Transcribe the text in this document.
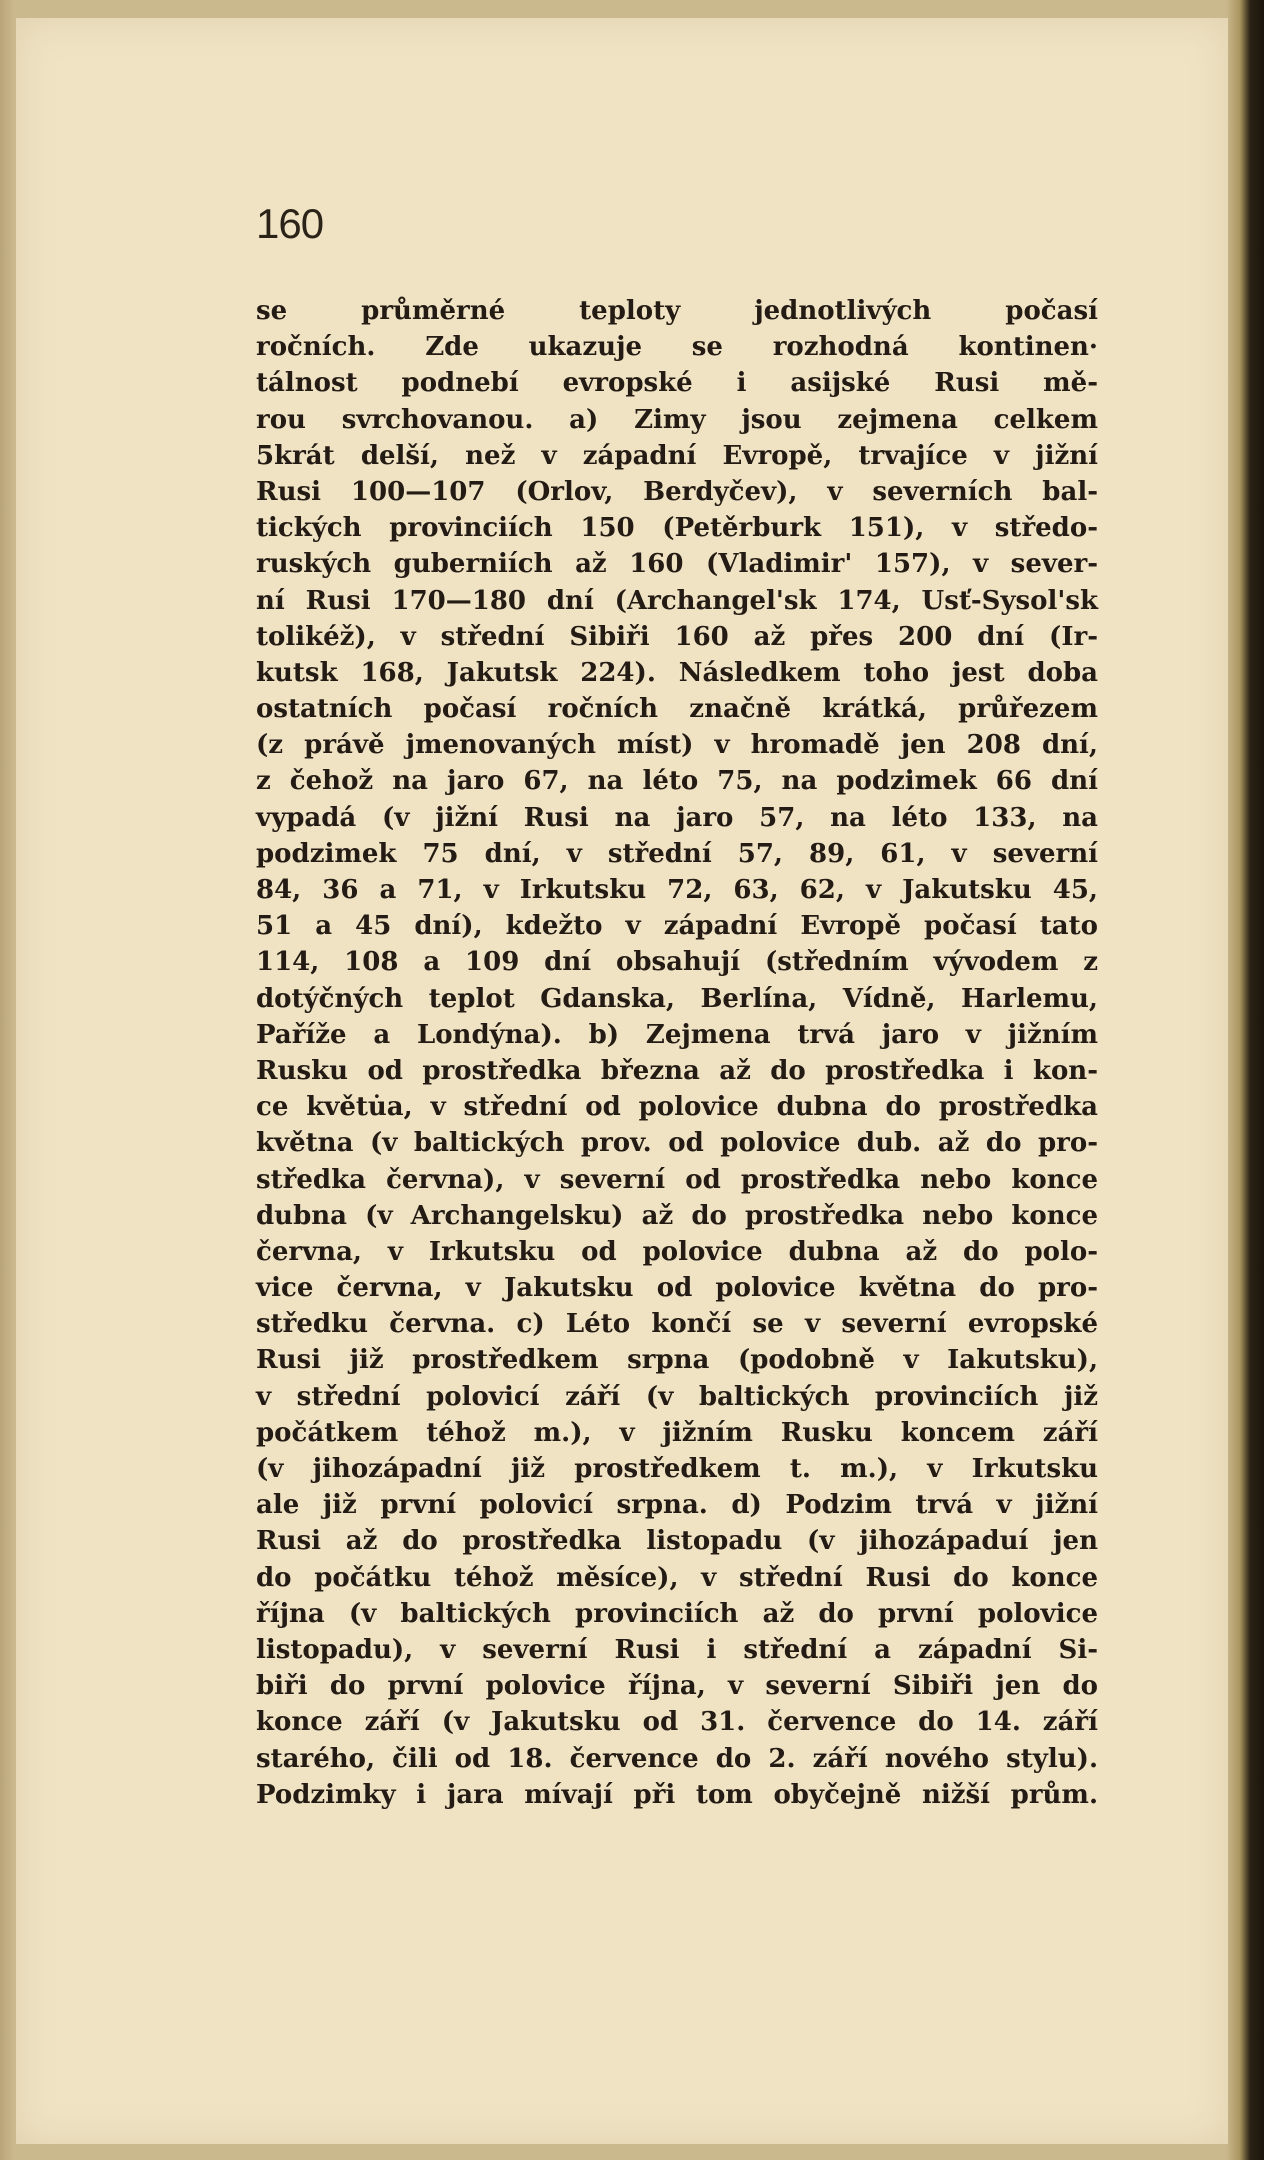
160
se průměrné teploty jednotlivých počasí
ročních. Zde ukazuje se rozhodná kontinen·
tálnost podnebí evropské i asijské Rusi mě-
rou svrchovanou. a) Zimy jsou zejmena celkem
5krát delší, než v západní Evropě, trvajíce v jižní
Rusi 100—107 (Orlov, Berdyčev), v severních bal-
tických provinciích 150 (Petěrburk 151), v středo-
ruských guberniích až 160 (Vladimir' 157), v sever-
ní Rusi 170—180 dní (Archangel'sk 174, Usť-Sysol'sk
tolikéž), v střední Sibiři 160 až přes 200 dní (Ir-
kutsk 168, Jakutsk 224). Následkem toho jest doba
ostatních počasí ročních značně krátká, průřezem
(z právě jmenovaných míst) v hromadě jen 208 dní,
z čehož na jaro 67, na léto 75, na podzimek 66 dní
vypadá (v jižní Rusi na jaro 57, na léto 133, na
podzimek 75 dní, v střední 57, 89, 61, v severní
84, 36 a 71, v Irkutsku 72, 63, 62, v Jakutsku 45,
51 a 45 dní), kdežto v západní Evropě počasí tato
114, 108 a 109 dní obsahují (středním vývodem z
dotýčných teplot Gdanska, Berlína, Vídně, Harlemu,
Paříže a Londýna). b) Zejmena trvá jaro v jižním
Rusku od prostředka března až do prostředka i kon-
ce květu̇a, v střední od polovice dubna do prostředka
května (v baltických prov. od polovice dub. až do pro-
středka června), v severní od prostředka nebo konce
dubna (v Archangelsku) až do prostředka nebo konce
června, v Irkutsku od polovice dubna až do polo-
vice června, v Jakutsku od polovice května do pro-
středku června. c) Léto končí se v severní evropské
Rusi již prostředkem srpna (podobně v Iakutsku),
v střední polovicí září (v baltických provinciích již
počátkem téhož m.), v jižním Rusku koncem září
(v jihozápadní již prostředkem t. m.), v Irkutsku
ale již první polovicí srpna. d) Podzim trvá v jižní
Rusi až do prostředka listopadu (v jihozápaduí jen
do počátku téhož měsíce), v střední Rusi do konce
října (v baltických provinciích až do první polovice
listopadu), v severní Rusi i střední a západní Si-
biři do první polovice října, v severní Sibiři jen do
konce září (v Jakutsku od 31. července do 14. září
starého, čili od 18. července do 2. září nového stylu).
Podzimky i jara mívají při tom obyčejně nižší prům.
